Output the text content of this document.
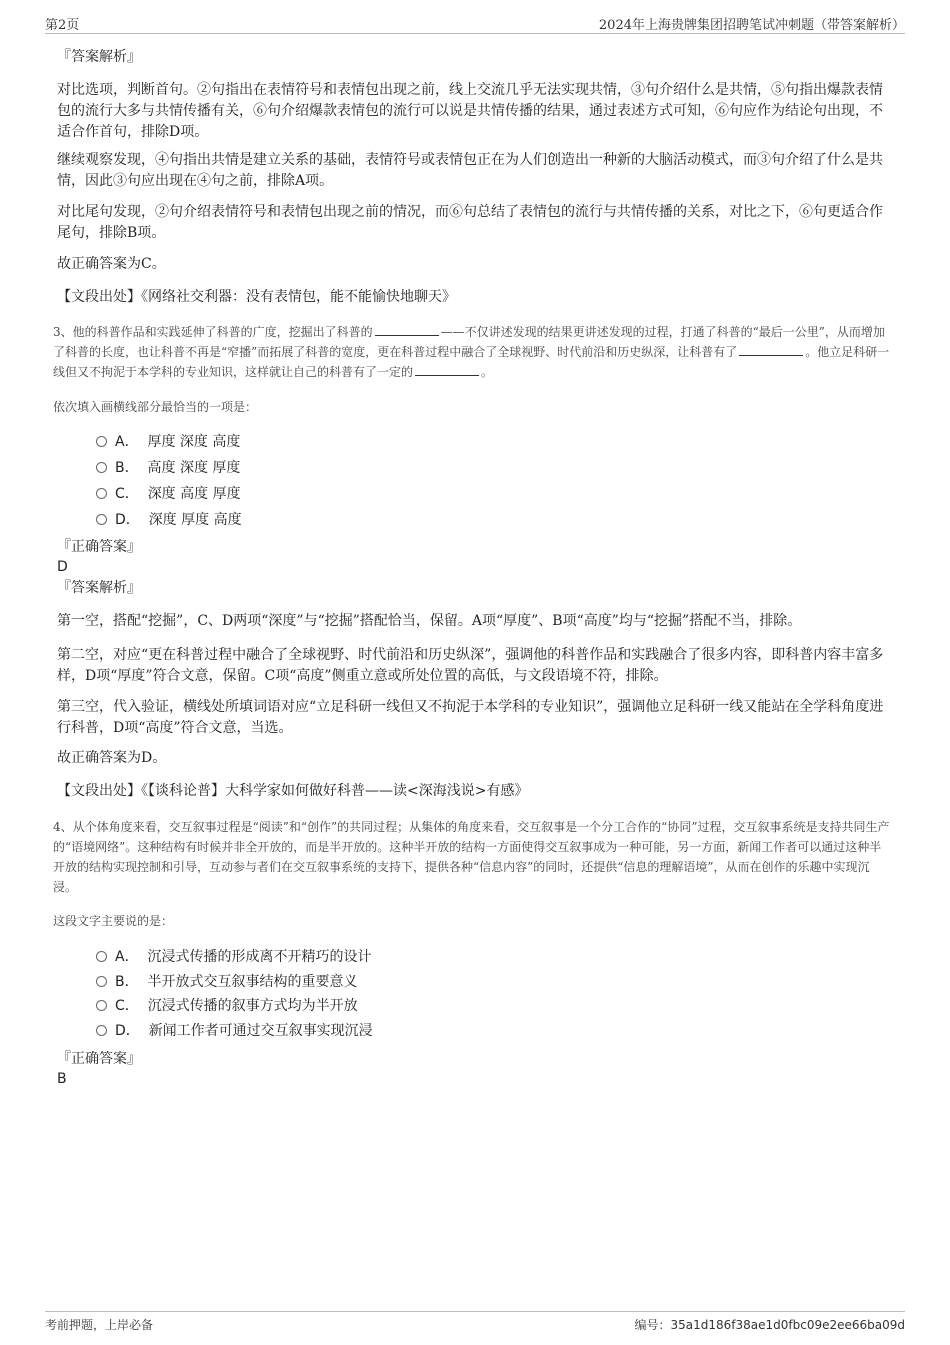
第2页	2024年上海贵牌集团招聘笔试冲刺题（带答案解析）
『答案解析』
对比选项，判断首句。②句指出在表情符号和表情包出现之前，线上交流几乎无法实现共情，③句介绍什么是共情，⑤句指出爆款表情包的流行大多与共情传播有关，⑥句介绍爆款表情包的流行可以说是共情传播的结果，通过表述方式可知，⑥句应作为结论句出现，不适合作首句，排除D项。
继续观察发现，④句指出共情是建立关系的基础，表情符号或表情包正在为人们创造出一种新的大脑活动模式，而③句介绍了什么是共情，因此③句应出现在④句之前，排除A项。
对比尾句发现，②句介绍表情符号和表情包出现之前的情况，而⑥句总结了表情包的流行与共情传播的关系，对比之下，⑥句更适合作尾句，排除B项。
故正确答案为C。
【文段出处】《网络社交利器：没有表情包，能不能愉快地聊天》
3、他的科普作品和实践延伸了科普的广度，挖掘出了科普的	——不仅讲述发现的结果更讲述发现的过程，打通了科普的“最后一公里”，从而增加了科普的长度，也让科普不再是“窄播”而拓展了科普的宽度，更在科普过程中融合了全球视野、时代前沿和历史纵深，让科普有了	。他立足科研一线但又不拘泥于本学科的专业知识，这样就让自己的科普有了一定的	。
依次填入画横线部分最恰当的一项是：
A． 厚度 深度 高度
B． 高度 深度 厚度
C． 深度 高度 厚度
D． 深度 厚度 高度
『正确答案』
D
『答案解析』
第一空，搭配“挖掘”，C、D两项“深度”与“挖掘”搭配恰当，保留。A项“厚度”、B项“高度”均与“挖掘”搭配不当，排除。
第二空，对应“更在科普过程中融合了全球视野、时代前沿和历史纵深”，强调他的科普作品和实践融合了很多内容，即科普内容丰富多样，D项“厚度”符合文意，保留。C项“高度”侧重立意或所处位置的高低，与文段语境不符，排除。
第三空，代入验证，横线处所填词语对应“立足科研一线但又不拘泥于本学科的专业知识”，强调他立足科研一线又能站在全学科角度进行科普，D项“高度”符合文意，当选。
故正确答案为D。
【文段出处】《【谈科论普】大科学家如何做好科普——读<深海浅说>有感》
4、从个体角度来看，交互叙事过程是“阅读”和“创作”的共同过程；从集体的角度来看，交互叙事是一个分工合作的“协同”过程，交互叙事系统是支持共同生产的“语境网络”。这种结构有时候并非全开放的，而是半开放的。这种半开放的结构一方面使得交互叙事成为一种可能，另一方面，新闻工作者可以通过这种半开放的结构实现控制和引导，互动参与者们在交互叙事系统的支持下，提供各种“信息内容”的同时，还提供“信息的理解语境”，从而在创作的乐趣中实现沉浸。
这段文字主要说的是：
A． 沉浸式传播的形成离不开精巧的设计
B． 半开放式交互叙事结构的重要意义
C． 沉浸式传播的叙事方式均为半开放
D． 新闻工作者可通过交互叙事实现沉浸
『正确答案』
B
考前押题，上岸必备	编号：35a1d186f38ae1d0fbc09e2ee66ba09d
